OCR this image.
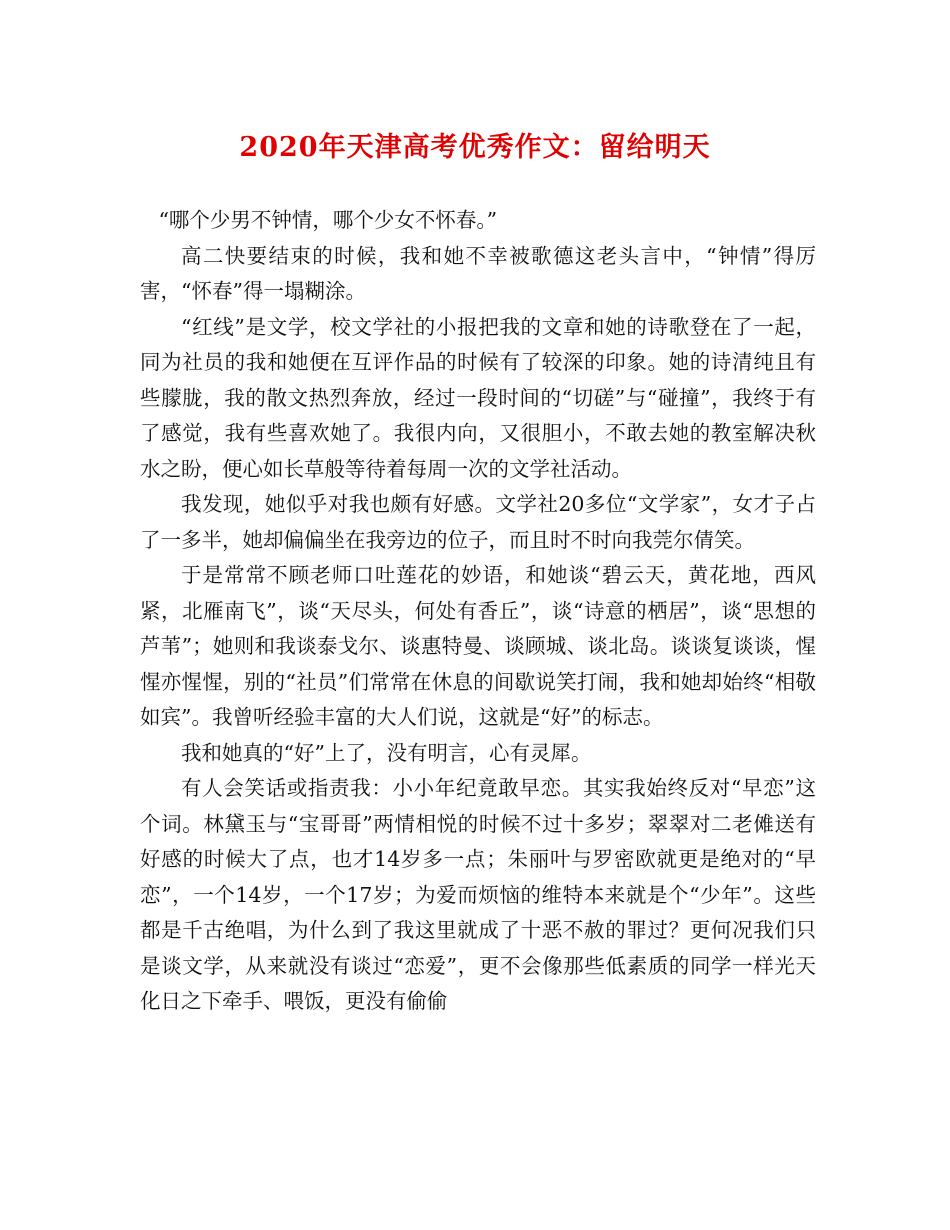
2020年天津高考优秀作文：留给明天

“哪个少男不钟情，哪个少女不怀春。”

高二快要结束的时候，我和她不幸被歌德这老头言中，“钟情”得厉害，“怀春”得一塌糊涂。

“红线”是文学，校文学社的小报把我的文章和她的诗歌登在了一起，同为社员的我和她便在互评作品的时候有了较深的印象。她的诗清纯且有些朦胧，我的散文热烈奔放，经过一段时间的“切磋”与“碰撞”，我终于有了感觉，我有些喜欢她了。我很内向，又很胆小，不敢去她的教室解决秋水之盼，便心如长草般等待着每周一次的文学社活动。

我发现，她似乎对我也颇有好感。文学社20多位“文学家”，女才子占了一多半，她却偏偏坐在我旁边的位子，而且时不时向我莞尔倩笑。

于是常常不顾老师口吐莲花的妙语，和她谈“碧云天，黄花地，西风紧，北雁南飞”，谈“天尽头，何处有香丘”，谈“诗意的栖居”，谈“思想的芦苇”；她则和我谈泰戈尔、谈惠特曼、谈顾城、谈北岛。谈谈复谈谈，惺惺亦惺惺，别的“社员”们常常在休息的间歇说笑打闹，我和她却始终“相敬如宾”。我曾听经验丰富的大人们说，这就是“好”的标志。

我和她真的“好”上了，没有明言，心有灵犀。

有人会笑话或指责我：小小年纪竟敢早恋。其实我始终反对“早恋”这个词。林黛玉与“宝哥哥”两情相悦的时候不过十多岁；翠翠对二老傩送有好感的时候大了点，也才14岁多一点；朱丽叶与罗密欧就更是绝对的“早恋”，一个14岁，一个17岁；为爱而烦恼的维特本来就是个“少年”。这些都是千古绝唱，为什么到了我这里就成了十恶不赦的罪过？更何况我们只是谈文学，从来就没有谈过“恋爱”，更不会像那些低素质的同学一样光天化日之下牵手、喂饭，更没有偷偷
